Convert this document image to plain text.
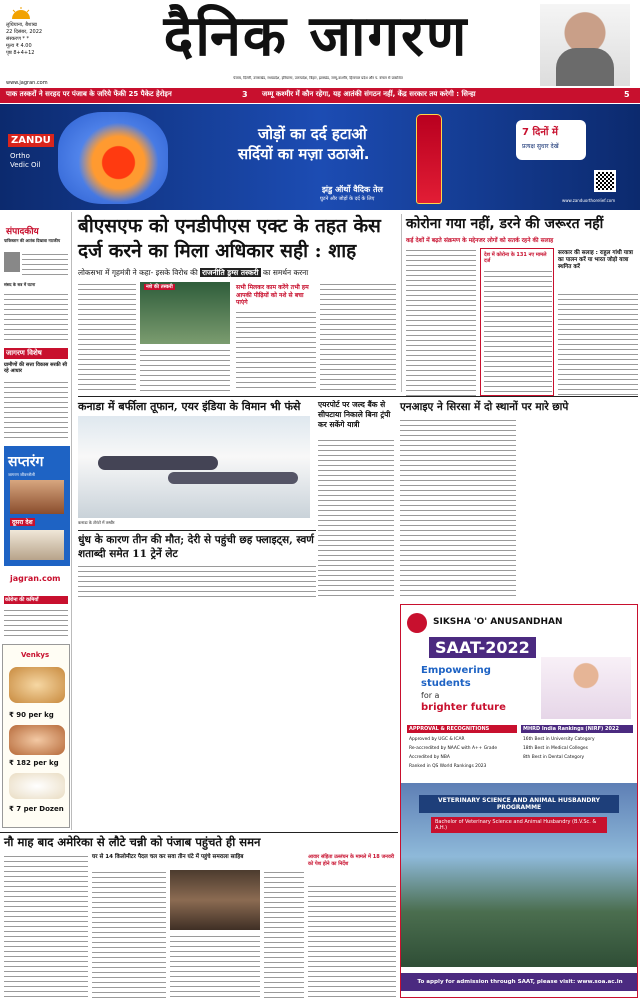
लुधियाना, बैशाख
22 दिसंबर, 2022
संस्करण * *
मूल्य ₹ 4.00
पृष्ठ 8+4+12
www.jagran.com
दैनिक जागरण
पंजाब, दिल्ली, उत्तराखंड, मध्यप्रदेश, हरियाणा, उत्तरप्रदेश, बिहार, झारखंड, जम्मू-कश्मीर, हिमाचल प्रदेश और प. बंगाल से प्रकाशित
पाक तस्करों ने सरहद पर पंजाब के जरिये फेंकी 25 पैकेट हेरोइन	3 जम्मू कश्मीर में कौन रहेगा, यह आतंकी संगठन नहीं, केंद्र सरकार तय करेगी : सिन्हा	5
ZANDU
Ortho Vedic Oil
जोड़ों का दर्द हटाओ
सर्दियों का मज़ा उठाओ.
झंडु ऑर्थो वैदिक तेल
घुटने और जोड़ों के दर्द के लिए
7 दिनों में
प्रत्यक्ष सुधार देखें
www.zanduorthorelief.com
संपादकीय
पाकिस्तान की आतंक दिखावा नाटकीय
संसद के सत्र में घटना
जागरण विशेष
ग्रामीणों की सत्ता विकास सरकी सी रहे आधार
सप्तरंग
जागरण जीवनशैली
दूसरा देश
jagran.com
कोरोना की कमियाँ
Venkys
₹ 90 per kg
₹ 182 per kg
₹ 7 per Dozen
बीएसएफ को एनडीपीएस एक्ट के तहत केस दर्ज करने का मिला अधिकार सही : शाह
लोकसभा में गृहमंत्री ने कहा- इसके विरोध की राजनीति ड्रग्स तस्करी का समर्थन करना
नशे की तस्करी	सभी मिलकर काम करेंगे तभी हम आपकी पीढ़ियों को नशे से बचा पाएंगे
कोरोना गया नहीं, डरने की जरूरत नहीं
कई देशों में बढ़ते संक्रमण के मद्देनजर लोगों को सतर्क रहने की सलाह
देश में कोरोना के 131 नए मामले दर्ज
सरकार की सलाह : राहुल गांधी यात्रा का पालन करें या भारत जोड़ो यात्रा स्थगित करें
कनाडा में बर्फीला तूफान, एयर इंडिया के विमान भी फंसे
कनाडा के टोरंटो में तस्वीर
एयरपोर्ट पर जल्द बैंक से सीपटाया निकाले बिना ट्रंपी कर सकेंगे यात्री
एनआइए ने सिरसा में दो स्थानों पर मारे छापे
धुंध के कारण तीन की मौत; देरी से पहुंची छह फ्लाइट्स, स्वर्ण शताब्दी समेत 11 ट्रेनें लेट
SIKSHA 'O' ANUSANDHAN
SAAT-2022
Empowering
students
for a
brighter future
APPROVAL & RECOGNITIONS
Approved by UGC & ICAR
Re-accredited by NAAC with A++ Grade
Accredited by NBA
Ranked in QS World Rankings 2023
MHRD India Rankings (NIRF) 2022
16th Best in University Category
18th Best in Medical Colleges
8th Best in Dental Category
VETERINARY SCIENCE AND ANIMAL HUSBANDRY PROGRAMME
Bachelor of Veterinary Science and Animal Husbandry (B.V.Sc. & A.H.)
To apply for admission through SAAT, please visit: www.soa.ac.in
नौ माह बाद अमेरिका से लौटे चन्नी को पंजाब पहुंचते ही समन
घर से 14 किलोमीटर पैदल चल कर सवा तीन घंटे में पहुंचे समराला साहिब	आवार संहिता उल्लंघन के मामले में 18 जनवरी को पेश होने का निर्देश
